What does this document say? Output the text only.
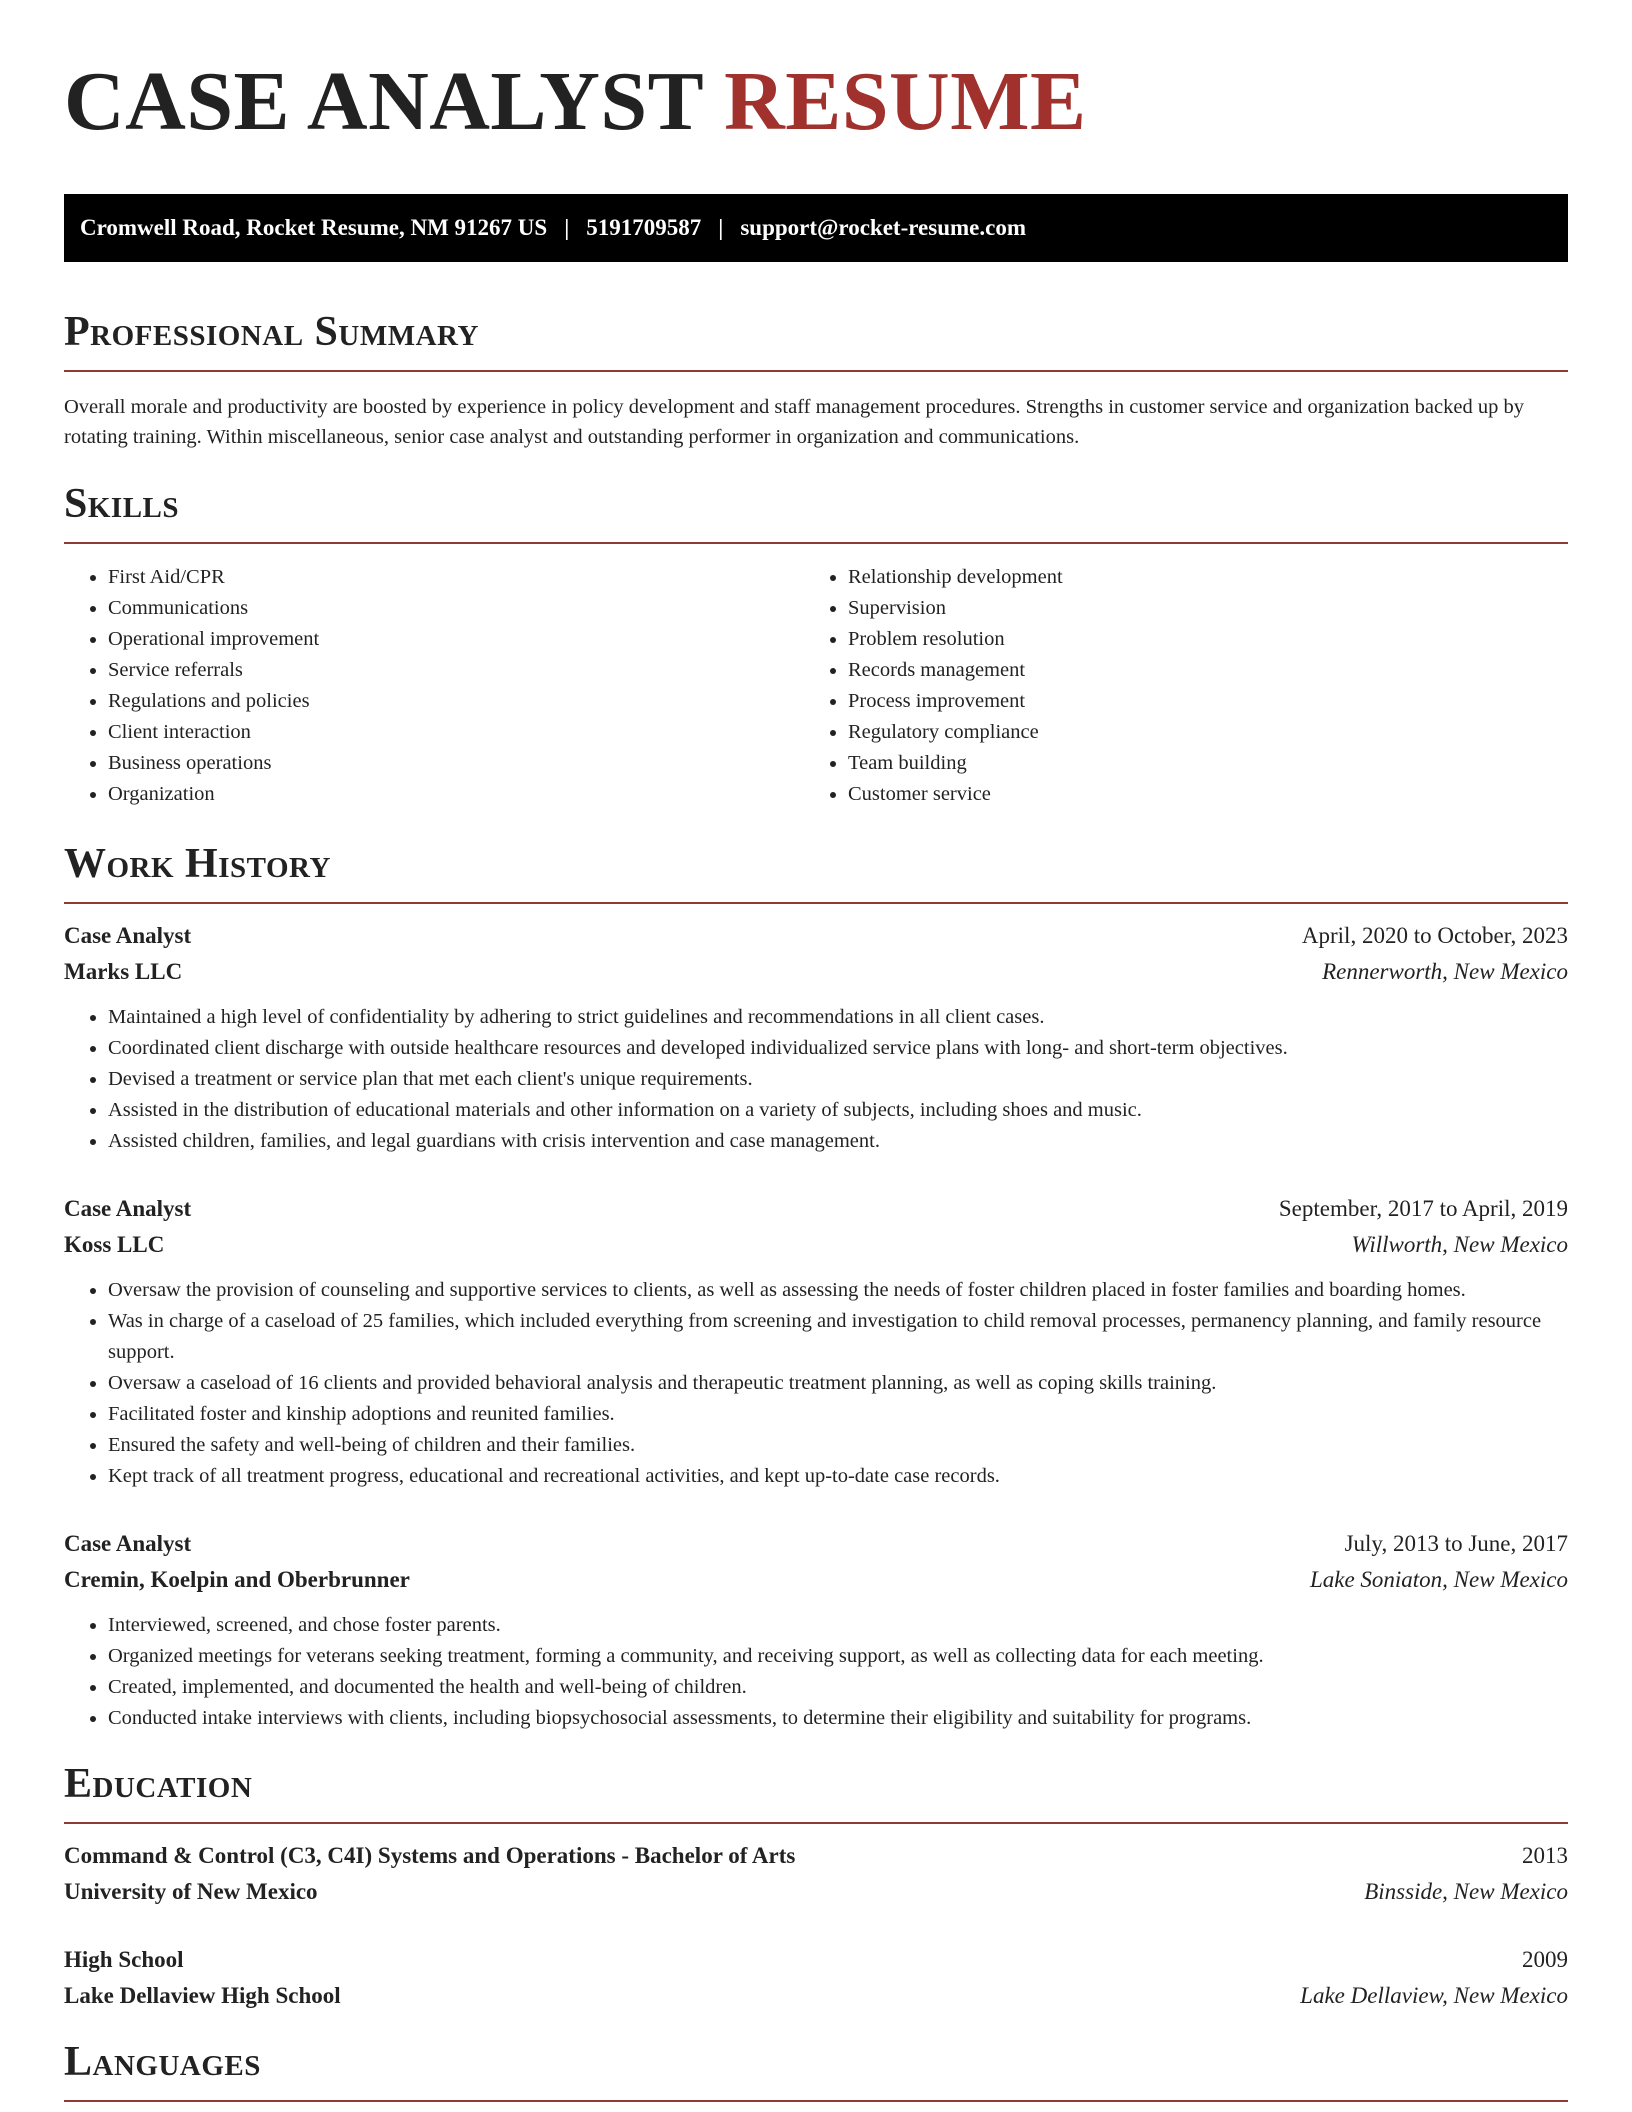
CASE ANALYST RESUME
Cromwell Road, Rocket Resume, NM 91267 US | 5191709587 | support@rocket-resume.com
Professional Summary

Overall morale and productivity are boosted by experience in policy development and staff management procedures. Strengths in customer service and organization backed up by rotating training. Within miscellaneous, senior case analyst and outstanding performer in organization and communications.

Skills
• First Aid/CPR
• Communications
• Operational improvement
• Service referrals
• Regulations and policies
• Client interaction
• Business operations
• Organization
• Relationship development
• Supervision
• Problem resolution
• Records management
• Process improvement
• Regulatory compliance
• Team building
• Customer service
Work History
Case Analyst	April, 2020 to October, 2023
Marks LLC	Rennerworth, New Mexico
• Maintained a high level of confidentiality by adhering to strict guidelines and recommendations in all client cases.
• Coordinated client discharge with outside healthcare resources and developed individualized service plans with long- and short-term objectives.
• Devised a treatment or service plan that met each client's unique requirements.
• Assisted in the distribution of educational materials and other information on a variety of subjects, including shoes and music.
• Assisted children, families, and legal guardians with crisis intervention and case management.
Case Analyst	September, 2017 to April, 2019
Koss LLC	Willworth, New Mexico
• Oversaw the provision of counseling and supportive services to clients, as well as assessing the needs of foster children placed in foster families and boarding homes.
• Was in charge of a caseload of 25 families, which included everything from screening and investigation to child removal processes, permanency planning, and family resource support.
• Oversaw a caseload of 16 clients and provided behavioral analysis and therapeutic treatment planning, as well as coping skills training.
• Facilitated foster and kinship adoptions and reunited families.
• Ensured the safety and well-being of children and their families.
• Kept track of all treatment progress, educational and recreational activities, and kept up-to-date case records.
Case Analyst	July, 2013 to June, 2017
Cremin, Koelpin and Oberbrunner	Lake Soniaton, New Mexico
• Interviewed, screened, and chose foster parents.
• Organized meetings for veterans seeking treatment, forming a community, and receiving support, as well as collecting data for each meeting.
• Created, implemented, and documented the health and well-being of children.
• Conducted intake interviews with clients, including biopsychosocial assessments, to determine their eligibility and suitability for programs.
Education
Command & Control (C3, C4I) Systems and Operations - Bachelor of Arts	2013
University of New Mexico	Binsside, New Mexico
High School	2009
Lake Dellaview High School	Lake Dellaview, New Mexico
Languages
